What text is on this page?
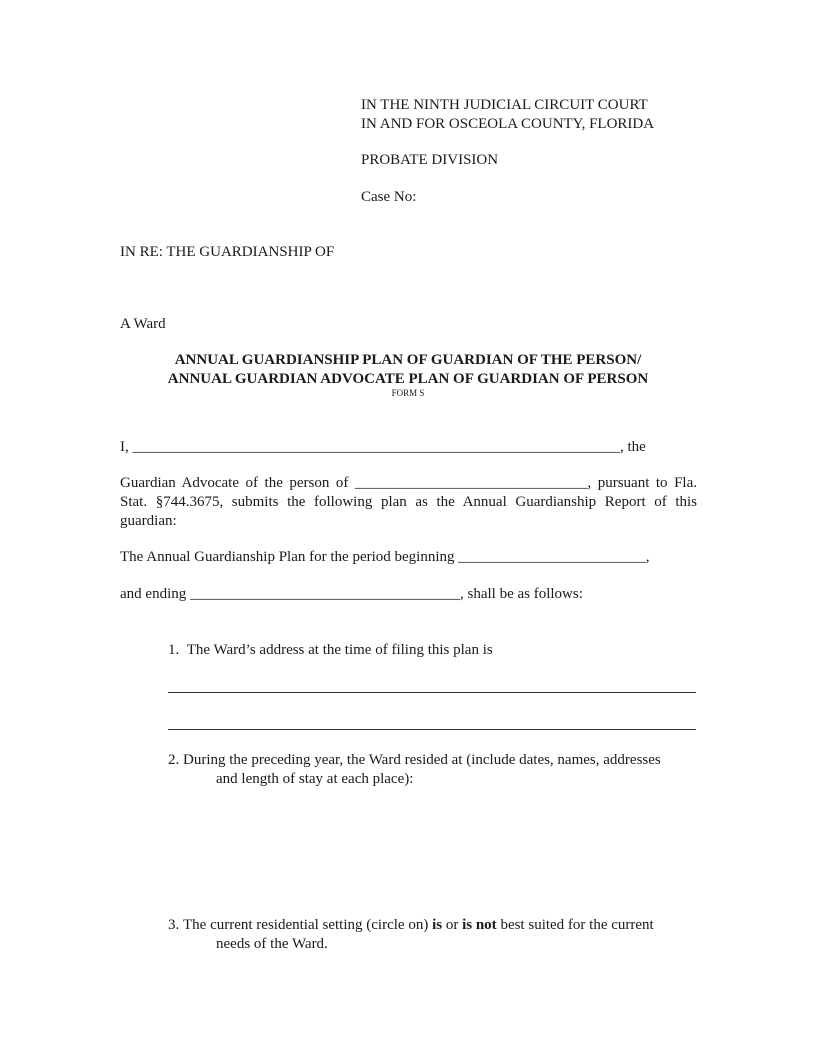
IN THE NINTH JUDICIAL CIRCUIT COURT
IN AND FOR OSCEOLA COUNTY, FLORIDA
PROBATE DIVISION
Case No:
IN RE: THE GUARDIANSHIP OF
A Ward
ANNUAL GUARDIANSHIP PLAN OF GUARDIAN OF THE PERSON/
ANNUAL GUARDIAN ADVOCATE PLAN OF GUARDIAN OF PERSON
FORM S
I, _________________________________________________________________, the
Guardian Advocate of the person of _______________________________, pursuant to Fla. Stat. §744.3675, submits the following plan as the Annual Guardianship Report of this guardian:
The Annual Guardianship Plan for the period beginning _________________________,
and ending ____________________________________, shall be as follows:
1. The Ward’s address at the time of filing this plan is
2. During the preceding year, the Ward resided at (include dates, names, addresses
and length of stay at each place):
3. The current residential setting (circle on) is or is not best suited for the current
needs of the Ward.
